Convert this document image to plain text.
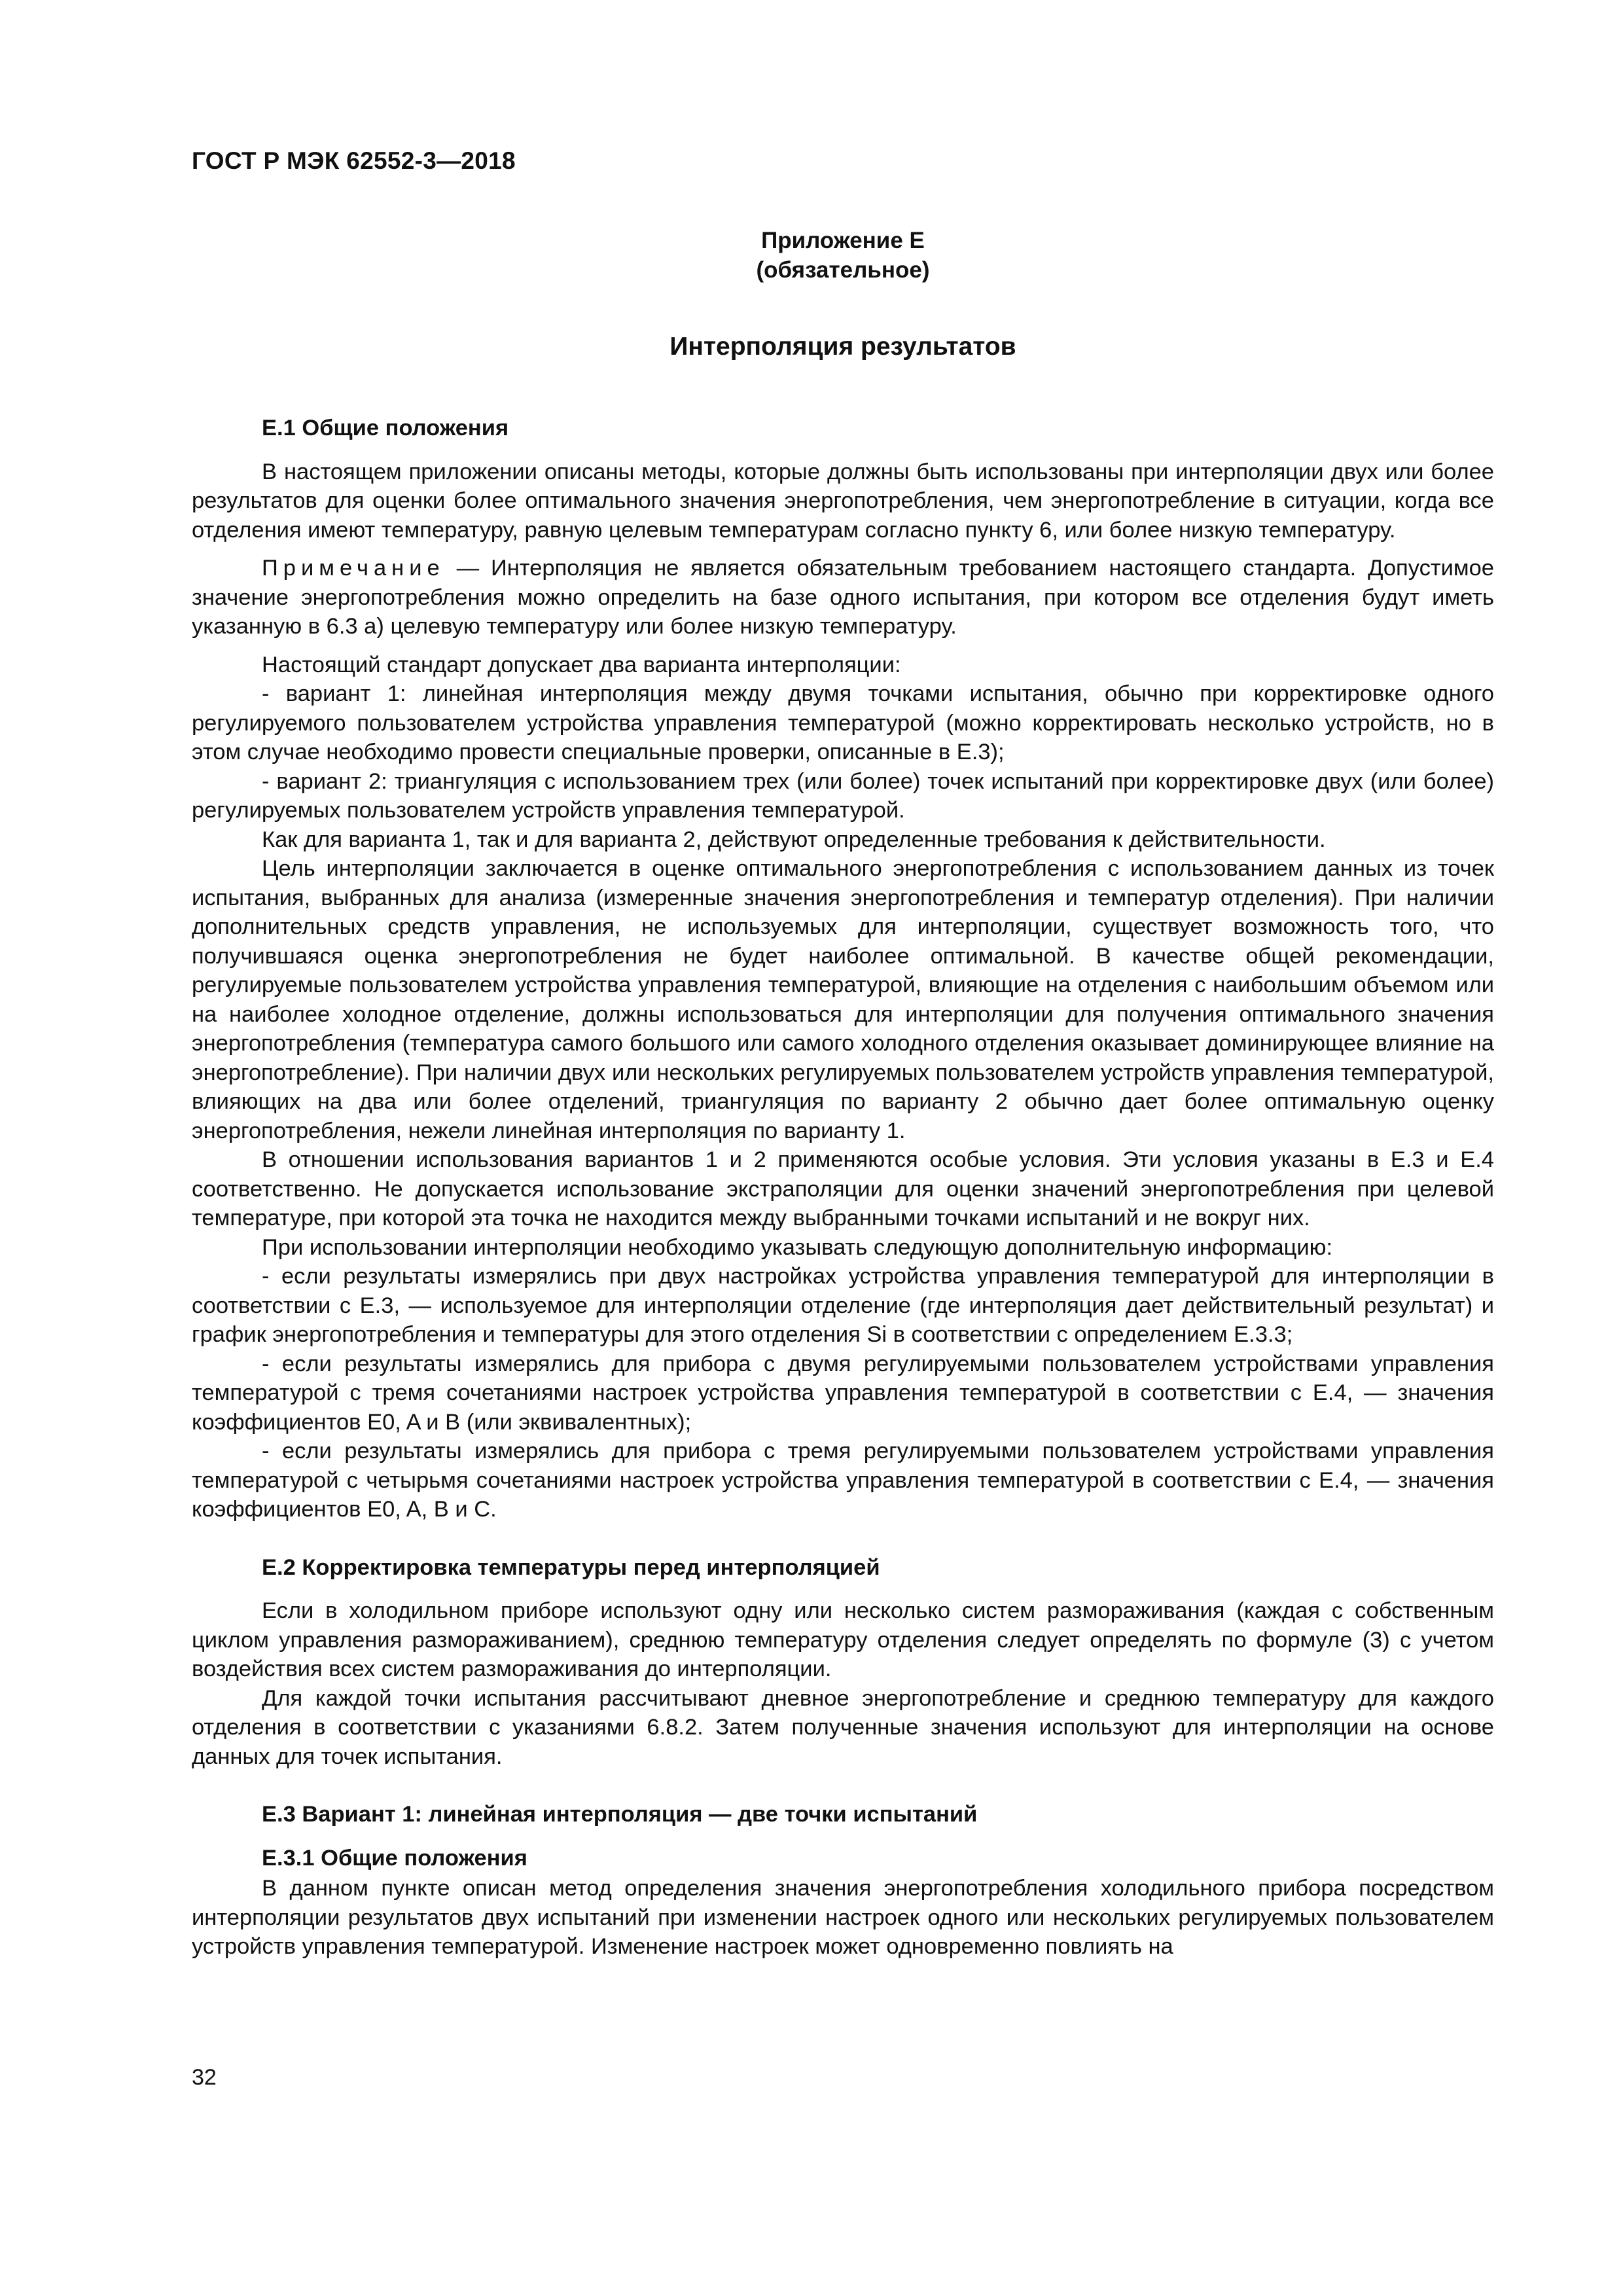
ГОСТ Р МЭК 62552-3—2018
Приложение Е
(обязательное)
Интерполяция результатов
Е.1 Общие положения

В настоящем приложении описаны методы, которые должны быть использованы при интерполяции двух или более результатов для оценки более оптимального значения энергопотребления, чем энергопотребление в ситуации, когда все отделения имеют температуру, равную целевым температурам согласно пункту 6, или более низкую температуру.

Примечание — Интерполяция не является обязательным требованием настоящего стандарта. Допустимое значение энергопотребления можно определить на базе одного испытания, при котором все отделения будут иметь указанную в 6.3 а) целевую температуру или более низкую температуру.

Настоящий стандарт допускает два варианта интерполяции:

- вариант 1: линейная интерполяция между двумя точками испытания, обычно при корректировке одного регулируемого пользователем устройства управления температурой (можно корректировать несколько устройств, но в этом случае необходимо провести специальные проверки, описанные в Е.3);

- вариант 2: триангуляция с использованием трех (или более) точек испытаний при корректировке двух (или более) регулируемых пользователем устройств управления температурой.

Как для варианта 1, так и для варианта 2, действуют определенные требования к действительности.

Цель интерполяции заключается в оценке оптимального энергопотребления с использованием данных из точек испытания, выбранных для анализа (измеренные значения энергопотребления и температур отделения). При наличии дополнительных средств управления, не используемых для интерполяции, существует возможность того, что получившаяся оценка энергопотребления не будет наиболее оптимальной. В качестве общей рекомендации, регулируемые пользователем устройства управления температурой, влияющие на отделения с наибольшим объемом или на наиболее холодное отделение, должны использоваться для интерполяции для получения оптимального значения энергопотребления (температура самого большого или самого холодного отделения оказывает доминирующее влияние на энергопотребление). При наличии двух или нескольких регулируемых пользователем устройств управления температурой, влияющих на два или более отделений, триангуляция по варианту 2 обычно дает более оптимальную оценку энергопотребления, нежели линейная интерполяция по варианту 1.

В отношении использования вариантов 1 и 2 применяются особые условия. Эти условия указаны в Е.3 и Е.4 соответственно. Не допускается использование экстраполяции для оценки значений энергопотребления при целевой температуре, при которой эта точка не находится между выбранными точками испытаний и не вокруг них.

При использовании интерполяции необходимо указывать следующую дополнительную информацию:

- если результаты измерялись при двух настройках устройства управления температурой для интерполяции в соответствии с Е.3, — используемое для интерполяции отделение (где интерполяция дает действительный результат) и график энергопотребления и температуры для этого отделения Si в соответствии с определением Е.3.3;

- если результаты измерялись для прибора с двумя регулируемыми пользователем устройствами управления температурой с тремя сочетаниями настроек устройства управления температурой в соответствии с Е.4, — значения коэффициентов E0, A и B (или эквивалентных);

- если результаты измерялись для прибора с тремя регулируемыми пользователем устройствами управления температурой с четырьмя сочетаниями настроек устройства управления температурой в соответствии с Е.4, — значения коэффициентов E0, A, B и C.

Е.2 Корректировка температуры перед интерполяцией

Если в холодильном приборе используют одну или несколько систем размораживания (каждая с собственным циклом управления размораживанием), среднюю температуру отделения следует определять по формуле (3) с учетом воздействия всех систем размораживания до интерполяции.

Для каждой точки испытания рассчитывают дневное энергопотребление и среднюю температуру для каждого отделения в соответствии с указаниями 6.8.2. Затем полученные значения используют для интерполяции на основе данных для точек испытания.

Е.3 Вариант 1: линейная интерполяция — две точки испытаний
Е.3.1 Общие положения

В данном пункте описан метод определения значения энергопотребления холодильного прибора посредством интерполяции результатов двух испытаний при изменении настроек одного или нескольких регулируемых пользователем устройств управления температурой. Изменение настроек может одновременно повлиять на

32
